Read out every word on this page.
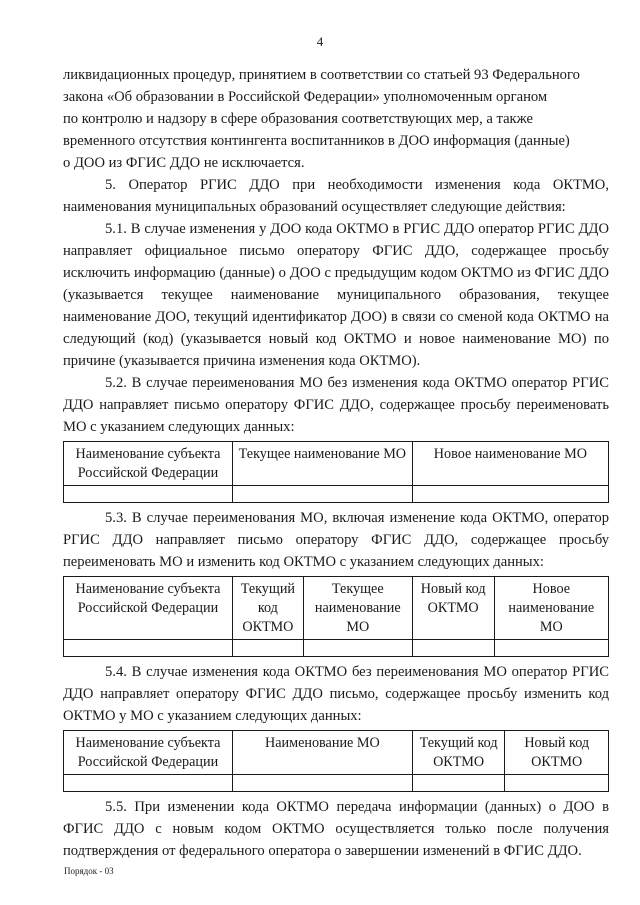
4

ликвидационных процедур, принятием в соответствии со статьей 93 Федерального
закона «Об образовании в Российской Федерации» уполномоченным органом
по контролю и надзору в сфере образования соответствующих мер, а также
временного отсутствия контингента воспитанников в ДОО информация (данные)
о ДОО из ФГИС ДДО не исключается.

5. Оператор РГИС ДДО при необходимости изменения кода ОКТМО, наименования муниципальных образований осуществляет следующие действия:

5.1. В случае изменения у ДОО кода ОКТМО в РГИС ДДО оператор РГИС ДДО направляет официальное письмо оператору ФГИС ДДО, содержащее просьбу исключить информацию (данные) о ДОО с предыдущим кодом ОКТМО из ФГИС ДДО (указывается текущее наименование муниципального образования, текущее наименование ДОО, текущий идентификатор ДОО) в связи со сменой кода ОКТМО на следующий (код) (указывается новый код ОКТМО и новое наименование МО) по причине (указывается причина изменения кода ОКТМО).

5.2. В случае переименования МО без изменения кода ОКТМО оператор РГИС ДДО направляет письмо оператору ФГИС ДДО, содержащее просьбу переименовать МО с указанием следующих данных:

Наименование субъекта Российской Федерации	Текущее наименование МО	Новое наименование МО

5.3. В случае переименования МО, включая изменение кода ОКТМО, оператор РГИС ДДО направляет письмо оператору ФГИС ДДО, содержащее просьбу переименовать МО и изменить код ОКТМО с указанием следующих данных:

Наименование субъекта Российской Федерации	Текущий код ОКТМО	Текущее наименование МО	Новый код ОКТМО	Новое наименование МО

5.4. В случае изменения кода ОКТМО без переименования МО оператор РГИС ДДО направляет оператору ФГИС ДДО письмо, содержащее просьбу изменить код ОКТМО у МО с указанием следующих данных:

Наименование субъекта Российской Федерации	Наименование МО	Текущий код ОКТМО	Новый код ОКТМО

5.5. При изменении кода ОКТМО передача информации (данных) о ДОО в ФГИС ДДО с новым кодом ОКТМО осуществляется только после получения подтверждения от федерального оператора о завершении изменений в ФГИС ДДО.

Порядок - 03
